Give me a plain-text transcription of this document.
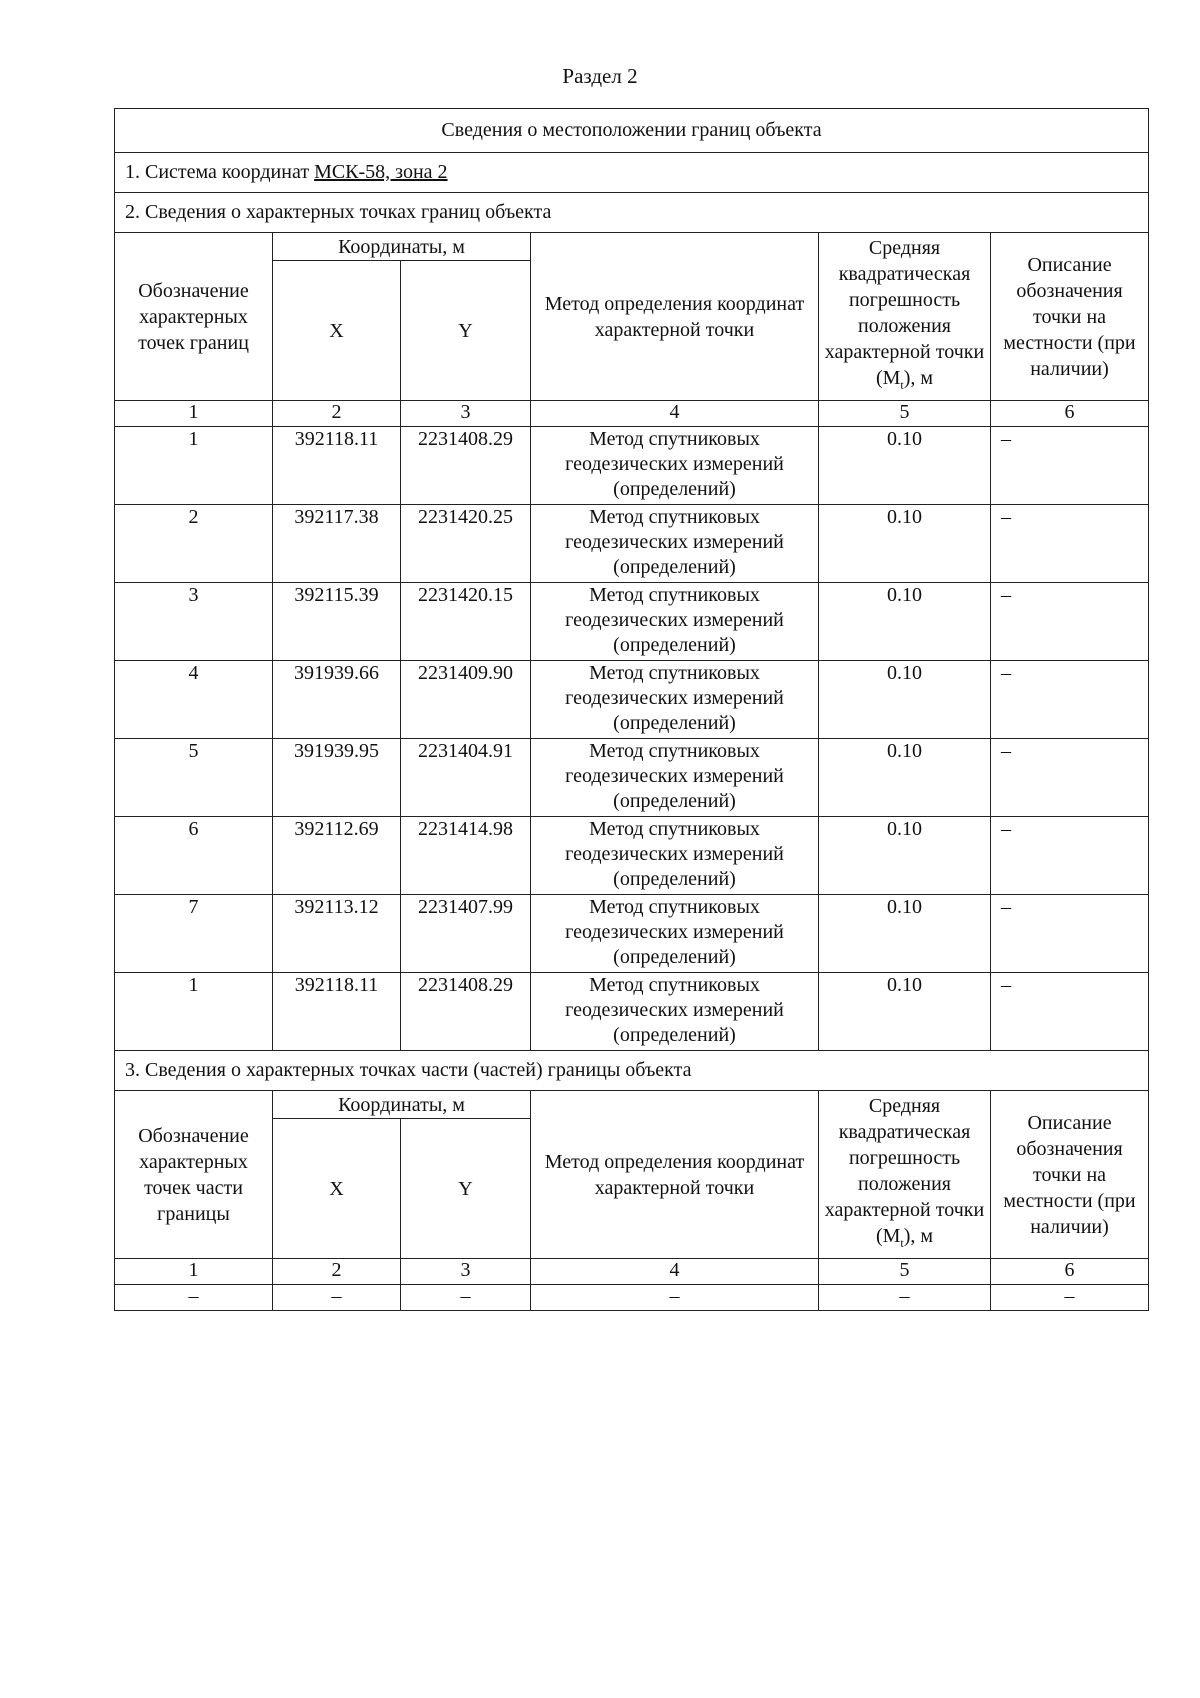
Раздел 2
Сведения о местоположении границ объекта					
1. Система координат МСК-58, зона 2					
2. Сведения о характерных точках границ объекта					
Обозначение характерных точек границ	Координаты, м		Метод определения координат характерной точки	Средняя квадратическая погрешность положения характерной точки $(M_t)$, м	Описание обозначения точки на местности (при наличии)
	X	Y			
1	2	3	4	5	6
1	392118.11	2231408.29	Метод спутниковых геодезических измерений (определений)	0.10	–
2	392117.38	2231420.25	Метод спутниковых геодезических измерений (определений)	0.10	–
3	392115.39	2231420.15	Метод спутниковых геодезических измерений (определений)	0.10	–
4	391939.66	2231409.90	Метод спутниковых геодезических измерений (определений)	0.10	–
5	391939.95	2231404.91	Метод спутниковых геодезических измерений (определений)	0.10	–
6	392112.69	2231414.98	Метод спутниковых геодезических измерений (определений)	0.10	–
7	392113.12	2231407.99	Метод спутниковых геодезических измерений (определений)	0.10	–
1	392118.11	2231408.29	Метод спутниковых геодезических измерений (определений)	0.10	–
3. Сведения о характерных точках части (частей) границы объекта					
Обозначение характерных точек части границы	Координаты, м		Метод определения координат характерной точки	Средняя квадратическая погрешность положения характерной точки $(M_t)$, м	Описание обозначения точки на местности (при наличии)
	X	Y			
1	2	3	4	5	6
–	–	–	–	–	–
